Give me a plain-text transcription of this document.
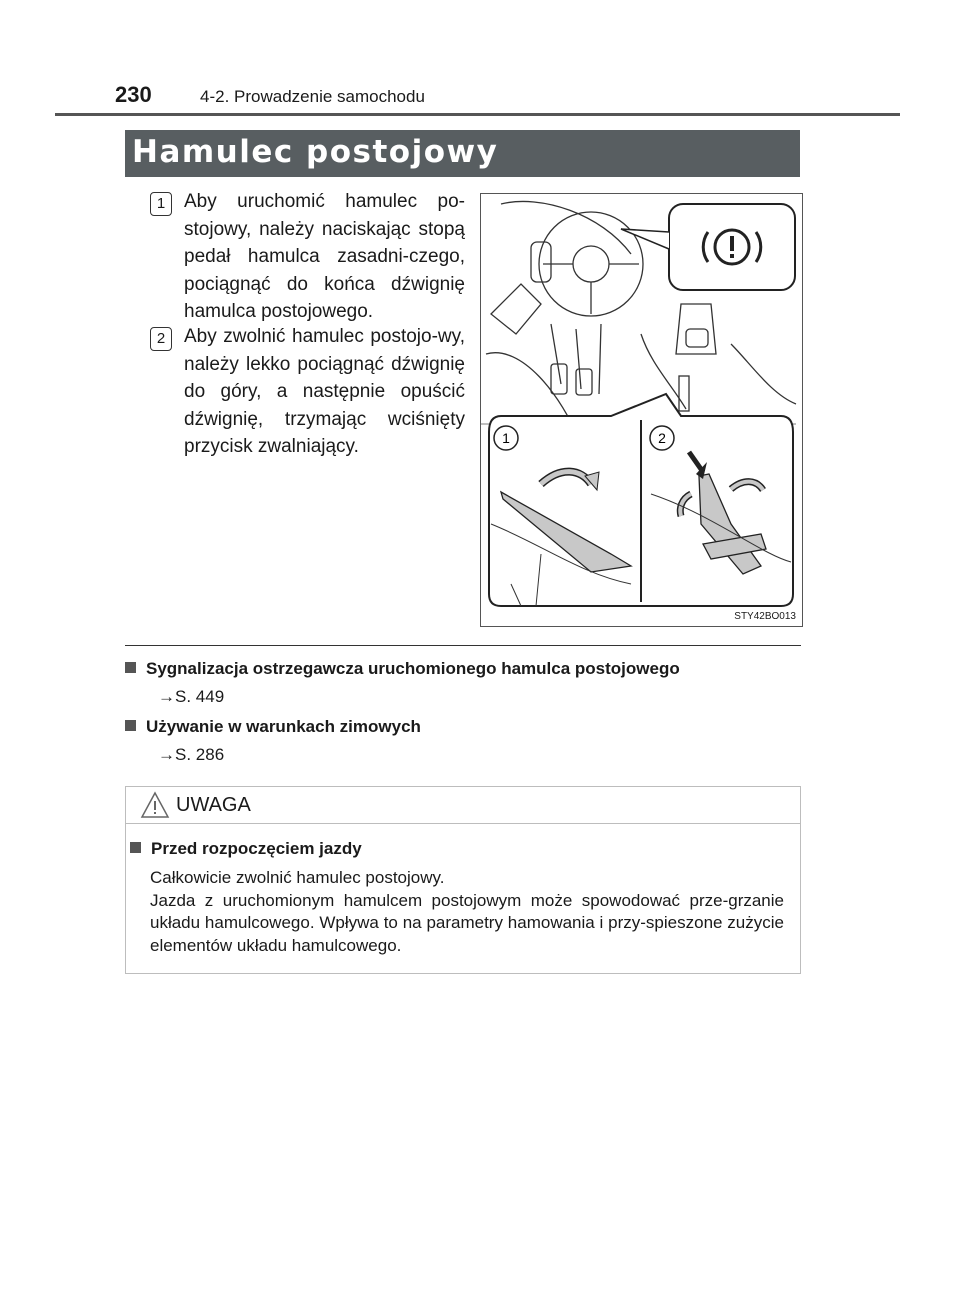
230	4-2. Prowadzenie samochodu
Hamulec postojowy
1 Aby uruchomić hamulec po-stojowy, należy naciskając stopą pedał hamulca zasadni-czego, pociągnąć do końca dźwignię hamulca postojowego.
2 Aby zwolnić hamulec postojo-wy, należy lekko pociągnąć dźwignię do góry, a następnie opuścić dźwignię, trzymając wciśnięty przycisk zwalniający.	1	2
STY42BO013
Sygnalizacja ostrzegawcza uruchomionego hamulca postojowego
→S. 449
Używanie w warunkach zimowych
→S. 286
UWAGA
Przed rozpoczęciem jazdy

Całkowicie zwolnić hamulec postojowy.

Jazda z uruchomionym hamulcem postojowym może spowodować prze-grzanie układu hamulcowego. Wpływa to na parametry hamowania i przy-spieszone zużycie elementów układu hamulcowego.
